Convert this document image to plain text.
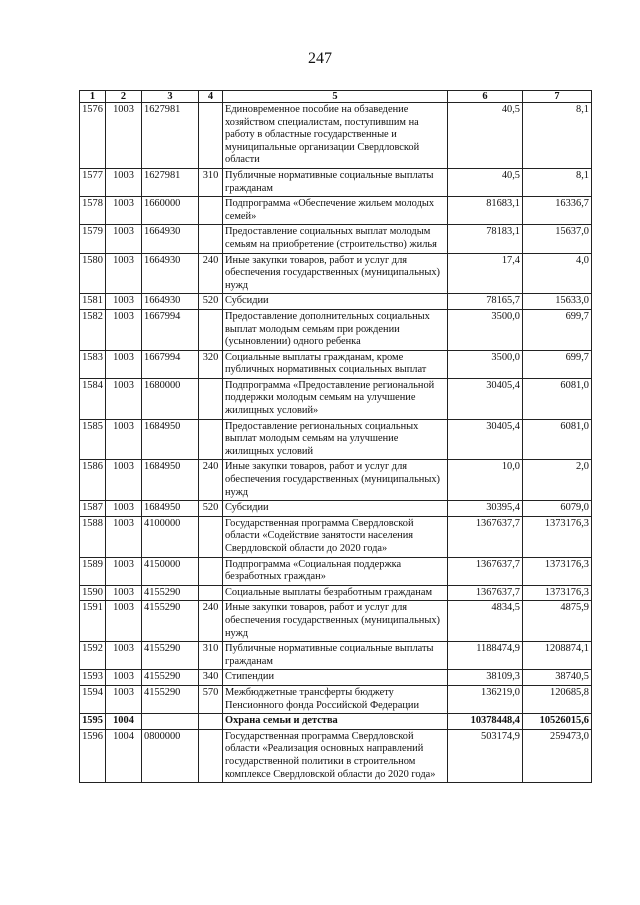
247
1	2	3	4	5	6	7
1576	1003	1627981		Единовременное пособие на обзаведение хозяйством специалистам, поступившим на работу в областные государственные и муниципальные организации Свердловской области	40,5	8,1
1577	1003	1627981	310	Публичные нормативные социальные выплаты гражданам	40,5	8,1
1578	1003	1660000		Подпрограмма «Обеспечение жильем молодых семей»	81683,1	16336,7
1579	1003	1664930		Предоставление социальных выплат молодым семьям на приобретение (строительство) жилья	78183,1	15637,0
1580	1003	1664930	240	Иные закупки товаров, работ и услуг для обеспечения государственных (муниципальных) нужд	17,4	4,0
1581	1003	1664930	520	Субсидии	78165,7	15633,0
1582	1003	1667994		Предоставление дополнительных социальных выплат молодым семьям при рождении (усыновлении) одного ребенка	3500,0	699,7
1583	1003	1667994	320	Социальные выплаты гражданам, кроме публичных нормативных социальных выплат	3500,0	699,7
1584	1003	1680000		Подпрограмма «Предоставление региональной поддержки молодым семьям на улучшение жилищных условий»	30405,4	6081,0
1585	1003	1684950		Предоставление региональных социальных выплат молодым семьям на улучшение жилищных условий	30405,4	6081,0
1586	1003	1684950	240	Иные закупки товаров, работ и услуг для обеспечения государственных (муниципальных) нужд	10,0	2,0
1587	1003	1684950	520	Субсидии	30395,4	6079,0
1588	1003	4100000		Государственная программа Свердловской области «Содействие занятости населения Свердловской области до 2020 года»	1367637,7	1373176,3
1589	1003	4150000		Подпрограмма «Социальная поддержка безработных граждан»	1367637,7	1373176,3
1590	1003	4155290		Социальные выплаты безработным гражданам	1367637,7	1373176,3
1591	1003	4155290	240	Иные закупки товаров, работ и услуг для обеспечения государственных (муниципальных) нужд	4834,5	4875,9
1592	1003	4155290	310	Публичные нормативные социальные выплаты гражданам	1188474,9	1208874,1
1593	1003	4155290	340	Стипендии	38109,3	38740,5
1594	1003	4155290	570	Межбюджетные трансферты бюджету Пенсионного фонда Российской Федерации	136219,0	120685,8
1595	1004			Охрана семьи и детства	10378448,4	10526015,6
1596	1004	0800000		Государственная программа Свердловской области «Реализация основных направлений государственной политики в строительном комплексе Свердловской области до 2020 года»	503174,9	259473,0
